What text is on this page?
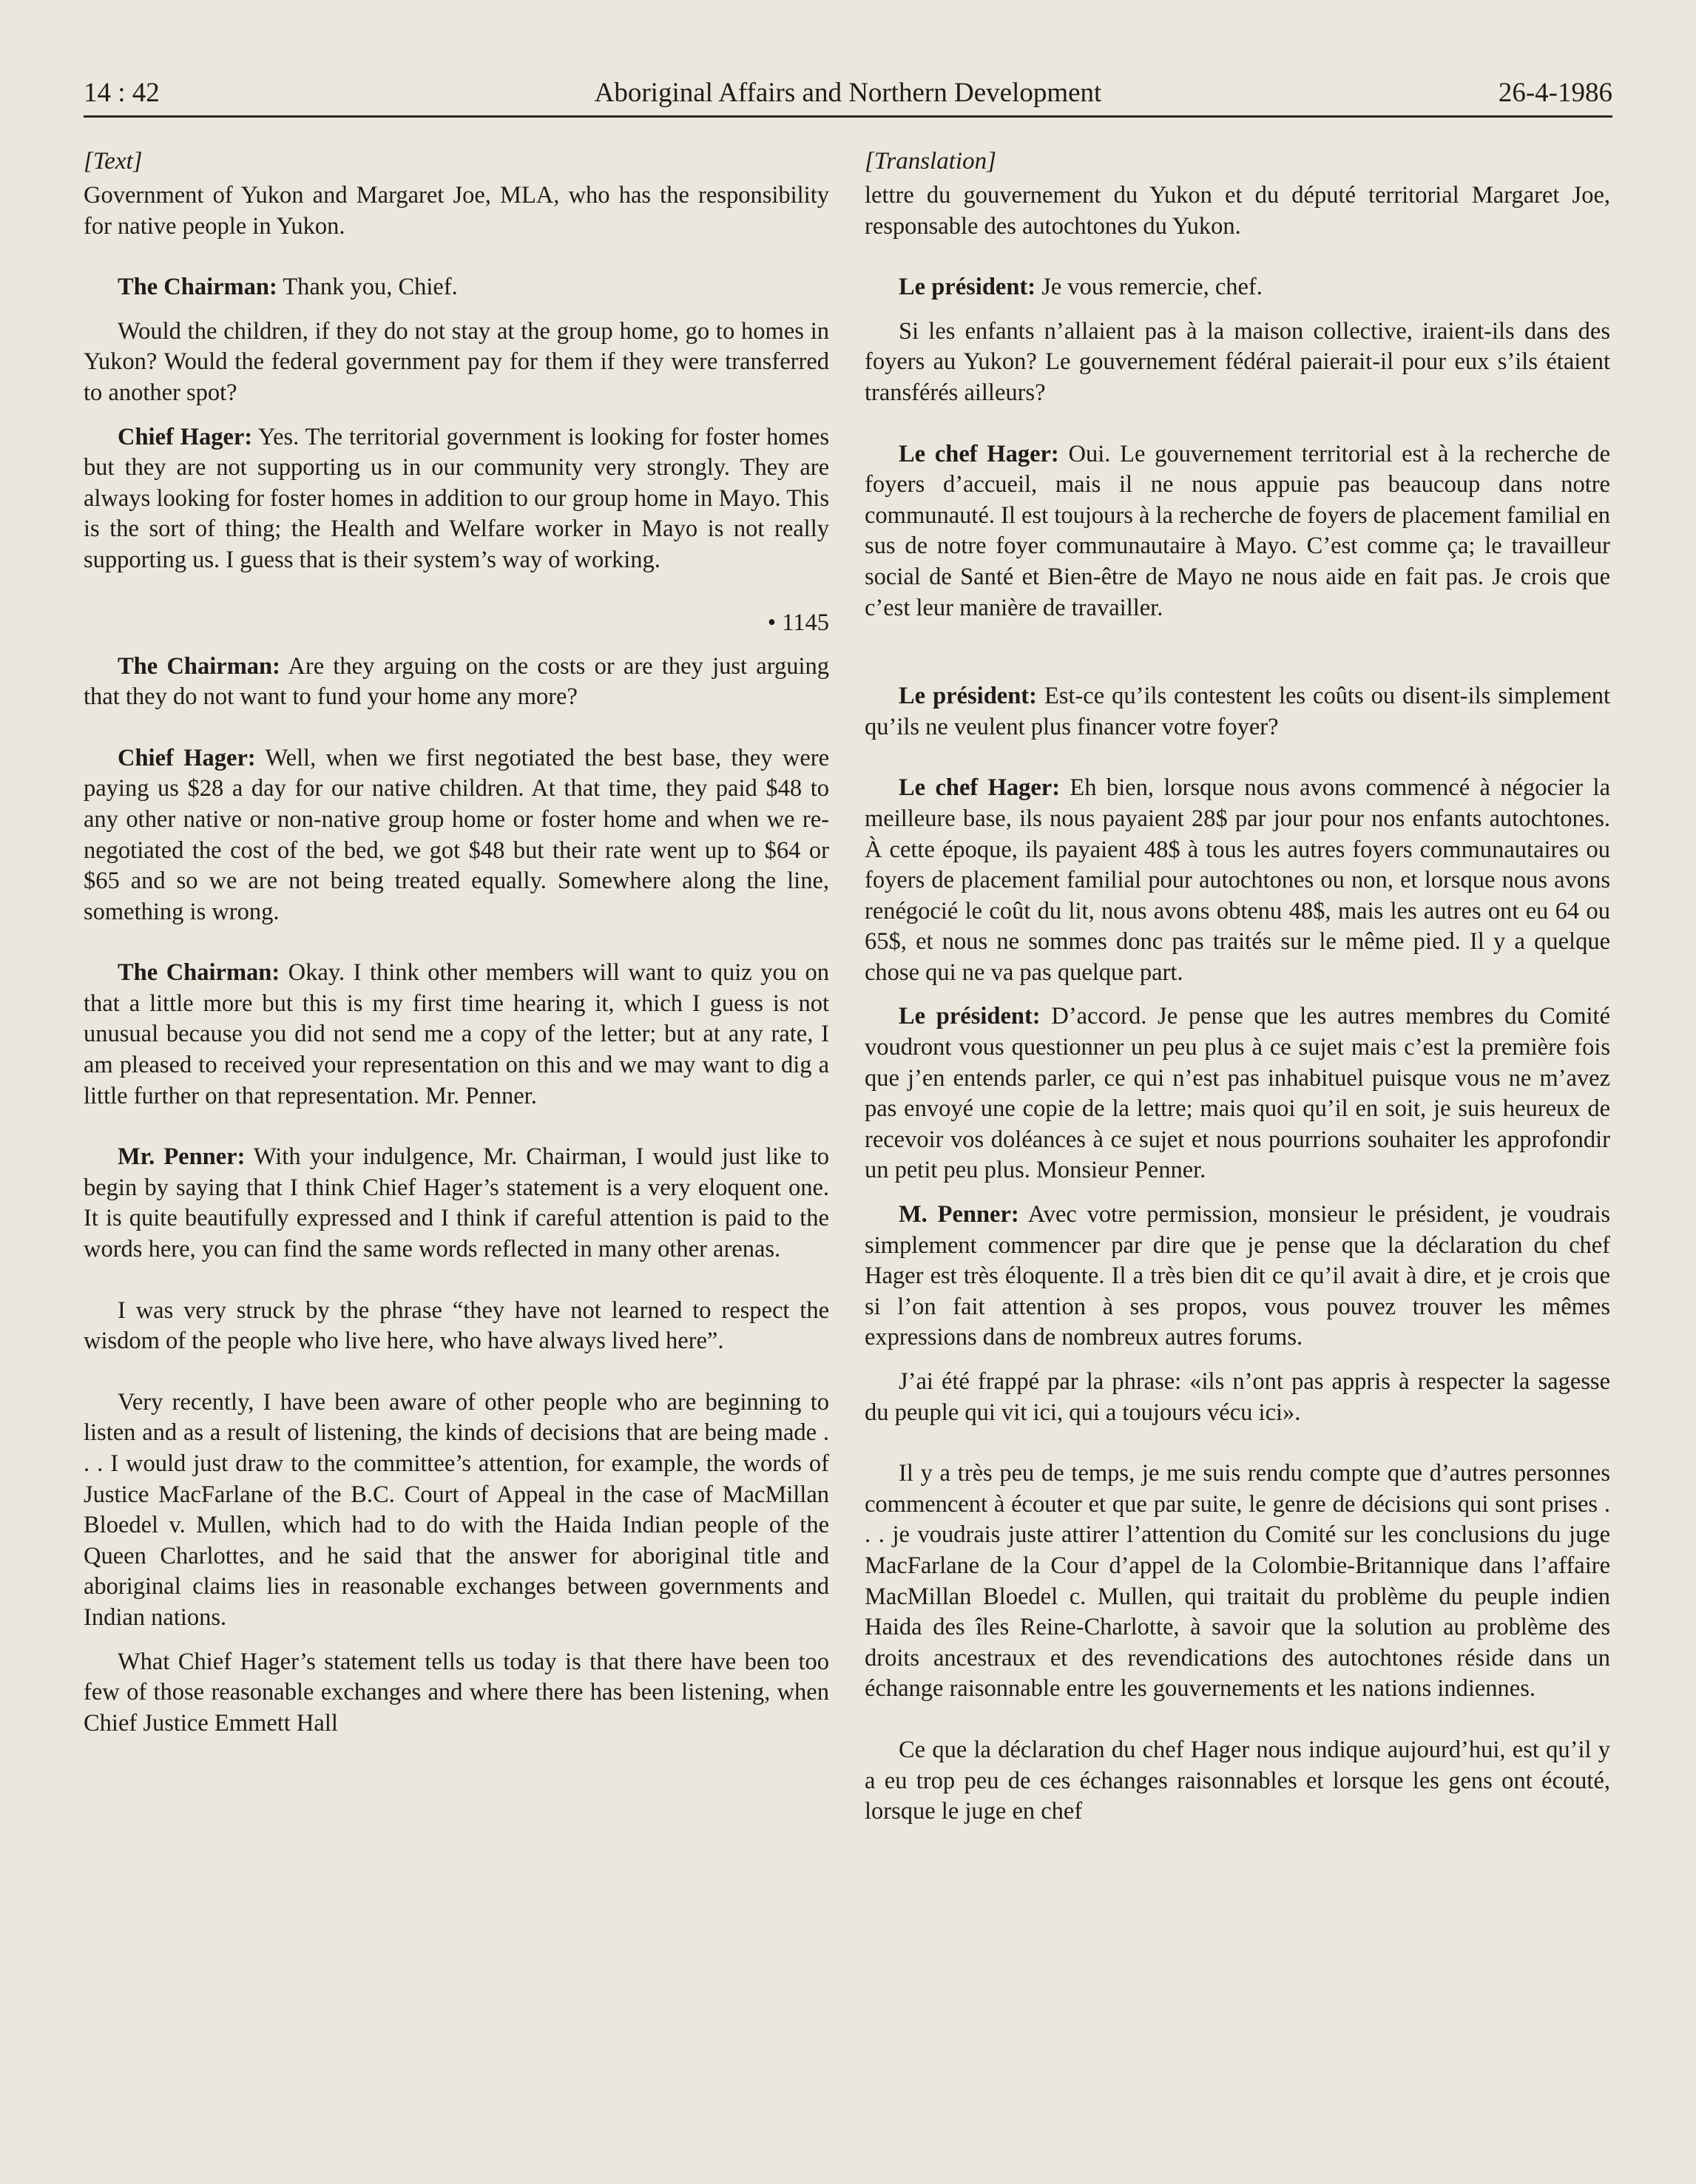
Aboriginal Affairs and Northern Development
14 : 42	26-4-1986
[Text]

Government of Yukon and Margaret Joe, MLA, who has the responsibility for native people in Yukon.

The Chairman: Thank you, Chief.

Would the children, if they do not stay at the group home, go to homes in Yukon? Would the federal government pay for them if they were transferred to another spot?

Chief Hager: Yes. The territorial government is looking for foster homes but they are not supporting us in our community very strongly. They are always looking for foster homes in addition to our group home in Mayo. This is the sort of thing; the Health and Welfare worker in Mayo is not really supporting us. I guess that is their system’s way of working.

• 1145

The Chairman: Are they arguing on the costs or are they just arguing that they do not want to fund your home any more?

Chief Hager: Well, when we first negotiated the best base, they were paying us $28 a day for our native children. At that time, they paid $48 to any other native or non-native group home or foster home and when we re-negotiated the cost of the bed, we got $48 but their rate went up to $64 or $65 and so we are not being treated equally. Somewhere along the line, something is wrong.

The Chairman: Okay. I think other members will want to quiz you on that a little more but this is my first time hearing it, which I guess is not unusual because you did not send me a copy of the letter; but at any rate, I am pleased to received your representation on this and we may want to dig a little further on that representation. Mr. Penner.

Mr. Penner: With your indulgence, Mr. Chairman, I would just like to begin by saying that I think Chief Hager’s statement is a very eloquent one. It is quite beautifully expressed and I think if careful attention is paid to the words here, you can find the same words reflected in many other arenas.

I was very struck by the phrase “they have not learned to respect the wisdom of the people who live here, who have always lived here”.

Very recently, I have been aware of other people who are beginning to listen and as a result of listening, the kinds of decisions that are being made . . . I would just draw to the committee’s attention, for example, the words of Justice MacFarlane of the B.C. Court of Appeal in the case of MacMillan Bloedel v. Mullen, which had to do with the Haida Indian people of the Queen Charlottes, and he said that the answer for aboriginal title and aboriginal claims lies in reasonable exchanges between governments and Indian nations.

What Chief Hager’s statement tells us today is that there have been too few of those reasonable exchanges and where there has been listening, when Chief Justice Emmett Hall

[Translation]

lettre du gouvernement du Yukon et du député territorial Margaret Joe, responsable des autochtones du Yukon.

Le président: Je vous remercie, chef.

Si les enfants n’allaient pas à la maison collective, iraient-ils dans des foyers au Yukon? Le gouvernement fédéral paierait-il pour eux s’ils étaient transférés ailleurs?

Le chef Hager: Oui. Le gouvernement territorial est à la recherche de foyers d’accueil, mais il ne nous appuie pas beaucoup dans notre communauté. Il est toujours à la recherche de foyers de placement familial en sus de notre foyer communautaire à Mayo. C’est comme ça; le travailleur social de Santé et Bien-être de Mayo ne nous aide en fait pas. Je crois que c’est leur manière de travailler.

Le président: Est-ce qu’ils contestent les coûts ou disent-ils simplement qu’ils ne veulent plus financer votre foyer?

Le chef Hager: Eh bien, lorsque nous avons commencé à négocier la meilleure base, ils nous payaient 28$ par jour pour nos enfants autochtones. À cette époque, ils payaient 48$ à tous les autres foyers communautaires ou foyers de placement familial pour autochtones ou non, et lorsque nous avons renégocié le coût du lit, nous avons obtenu 48$, mais les autres ont eu 64 ou 65$, et nous ne sommes donc pas traités sur le même pied. Il y a quelque chose qui ne va pas quelque part.

Le président: D’accord. Je pense que les autres membres du Comité voudront vous questionner un peu plus à ce sujet mais c’est la première fois que j’en entends parler, ce qui n’est pas inhabituel puisque vous ne m’avez pas envoyé une copie de la lettre; mais quoi qu’il en soit, je suis heureux de recevoir vos doléances à ce sujet et nous pourrions souhaiter les approfondir un petit peu plus. Monsieur Penner.

M. Penner: Avec votre permission, monsieur le président, je voudrais simplement commencer par dire que je pense que la déclaration du chef Hager est très éloquente. Il a très bien dit ce qu’il avait à dire, et je crois que si l’on fait attention à ses propos, vous pouvez trouver les mêmes expressions dans de nombreux autres forums.

J’ai été frappé par la phrase: «ils n’ont pas appris à respecter la sagesse du peuple qui vit ici, qui a toujours vécu ici».

Il y a très peu de temps, je me suis rendu compte que d’autres personnes commencent à écouter et que par suite, le genre de décisions qui sont prises . . . je voudrais juste attirer l’attention du Comité sur les conclusions du juge MacFarlane de la Cour d’appel de la Colombie-Britannique dans l’affaire MacMillan Bloedel c. Mullen, qui traitait du problème du peuple indien Haida des îles Reine-Charlotte, à savoir que la solution au problème des droits ancestraux et des revendications des autochtones réside dans un échange raisonnable entre les gouvernements et les nations indiennes.

Ce que la déclaration du chef Hager nous indique aujourd’hui, est qu’il y a eu trop peu de ces échanges raisonnables et lorsque les gens ont écouté, lorsque le juge en chef
